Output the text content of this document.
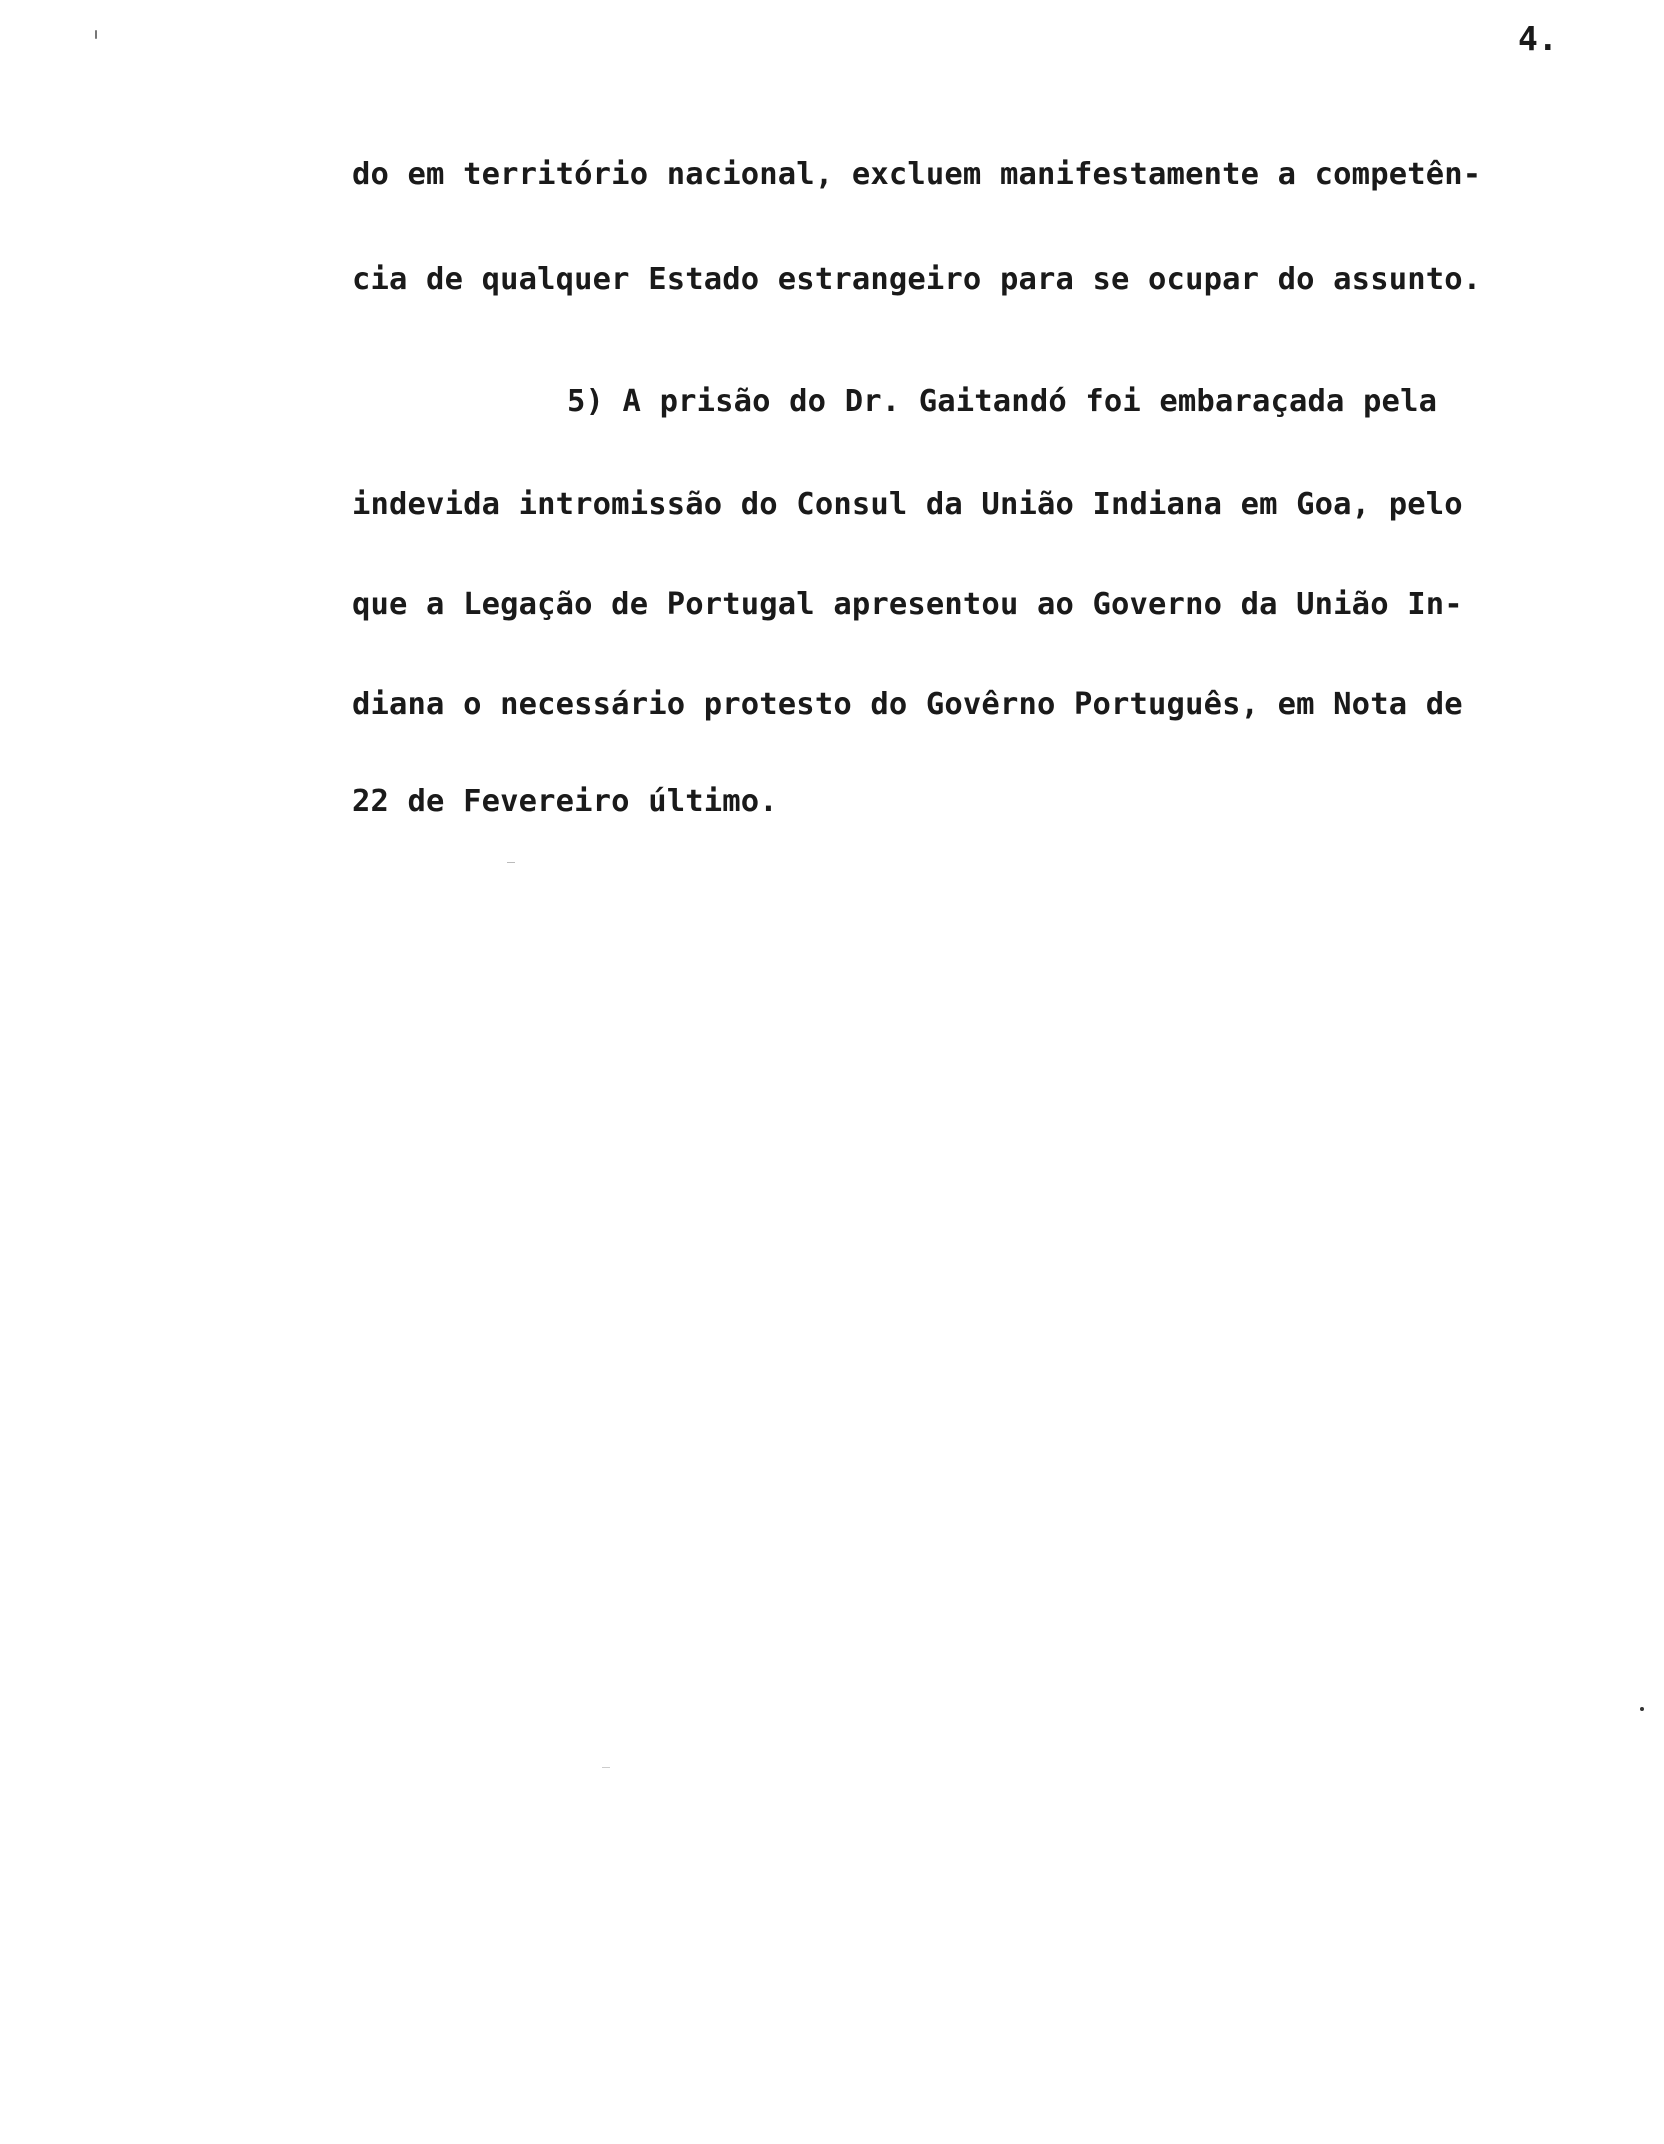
4.
do em território nacional, excluem manifestamente a competên-
cia de qualquer Estado estrangeiro para se ocupar do assunto.
5) A prisão do Dr. Gaitandó foi embaraçada pela
indevida intromissão do Consul da União Indiana em Goa, pelo
que a Legação de Portugal apresentou ao Governo da União In-
diana o necessário protesto do Govêrno Português, em Nota de
22 de Fevereiro último.
